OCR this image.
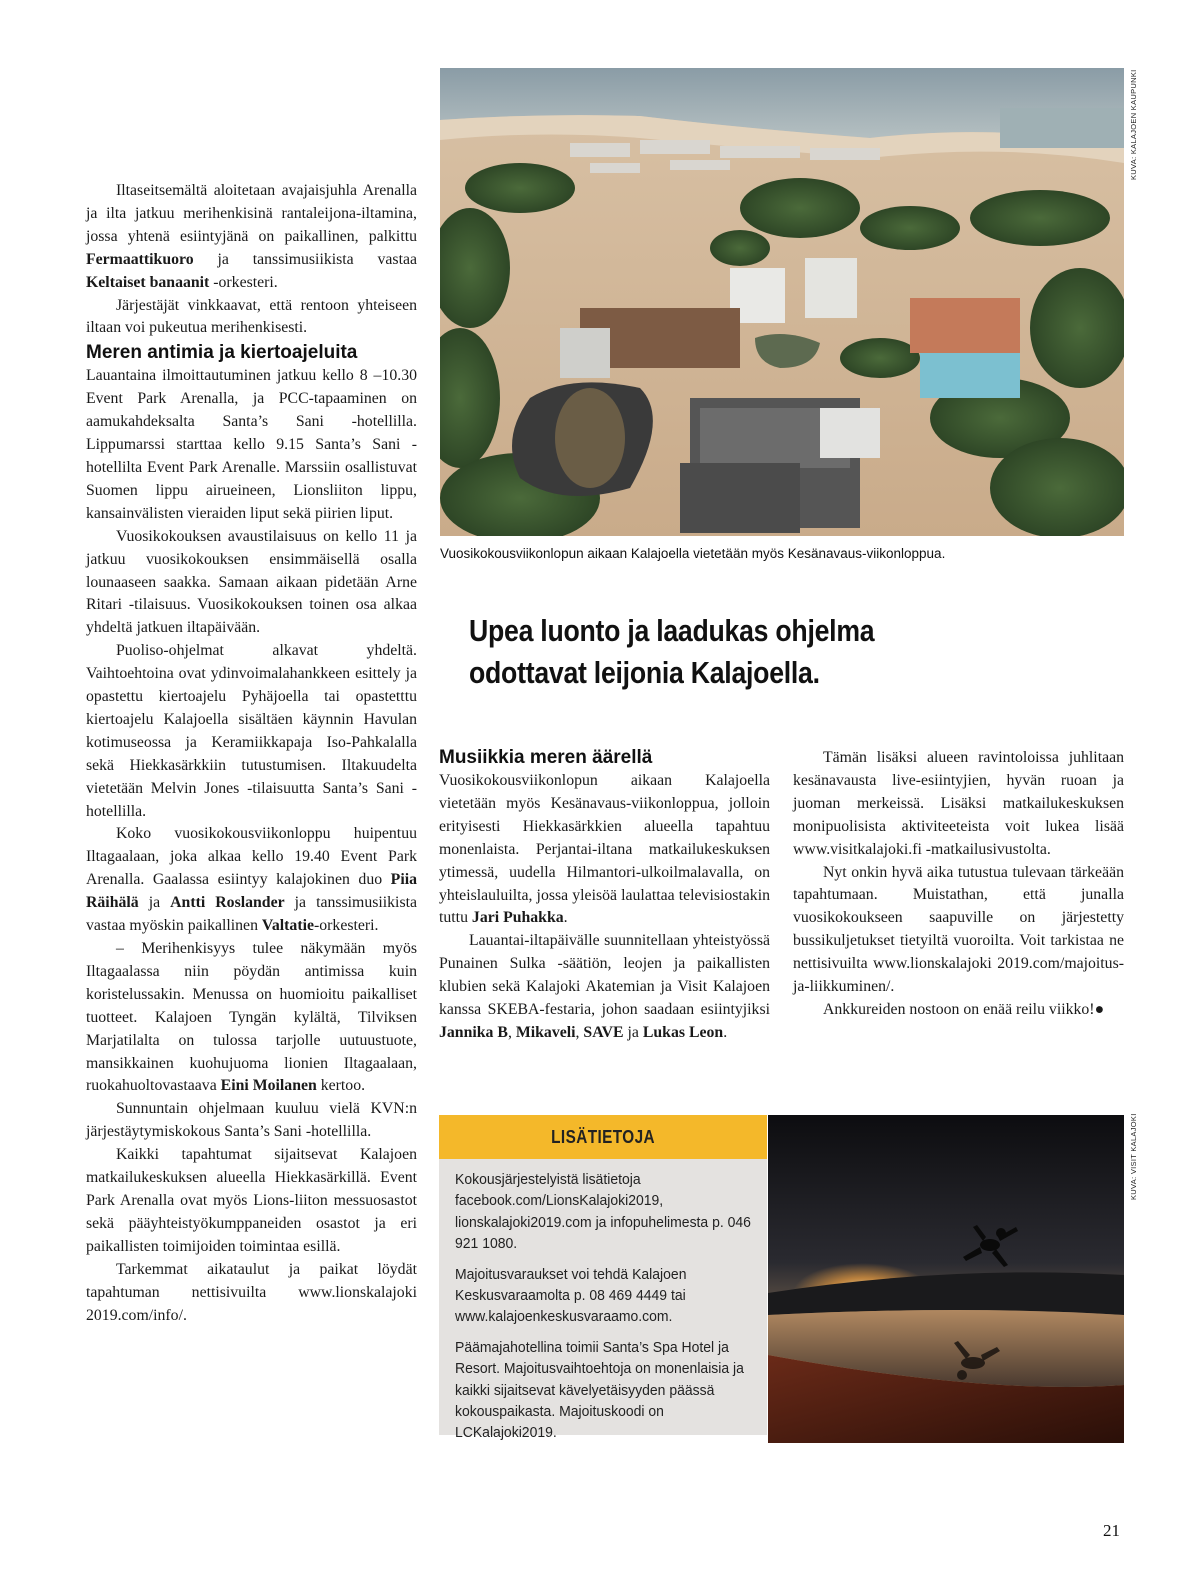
Iltaseitsemältä aloitetaan avajaisjuhla Arenalla ja ilta jatkuu merihenkisinä rantaleijona-iltamina, jossa yhtenä esiintyjänä on paikallinen, palkittu Fermaattikuoro ja tanssimusiikista vastaa Keltaiset banaanit -orkesteri.

Järjestäjät vinkkaavat, että rentoon yhteiseen iltaan voi pukeutua merihenkisesti.

Meren antimia ja kiertoajeluita

Lauantaina ilmoittautuminen jatkuu kello 8 –10.30 Event Park Arenalla, ja PCC-tapaaminen on aamukahdeksalta Santa’s Sani -hotellilla. Lippumarssi starttaa kello 9.15 Santa’s Sani -hotellilta Event Park Arenalle. Marssiin osallistuvat Suomen lippu airueineen, Lionsliiton lippu, kansainvälisten vieraiden liput sekä piirien liput.

Vuosikokouksen avaustilaisuus on kello 11 ja jatkuu vuosikokouksen ensimmäisellä osalla lounaaseen saakka. Samaan aikaan pidetään Arne Ritari -tilaisuus. Vuosikokouksen toinen osa alkaa yhdeltä jatkuen iltapäivään.

Puoliso-ohjelmat alkavat yhdeltä. Vaihtoehtoina ovat ydinvoimalahankkeen esittely ja opastettu kiertoajelu Pyhäjoella tai opastetttu kiertoajelu Kalajoella sisältäen käynnin Havulan kotimuseossa ja Keramiikkapaja Iso-Pahkalalla sekä Hiekkasärkkiin tutustumisen. Iltakuudelta vietetään Melvin Jones -tilaisuutta Santa’s Sani -hotellilla.

Koko vuosikokousviikonloppu huipentuu Iltagaalaan, joka alkaa kello 19.40 Event Park Arenalla. Gaalassa esiintyy kalajokinen duo Piia Räihälä ja Antti Roslander ja tanssimusiikista vastaa myöskin paikallinen Valtatie-orkesteri.

– Merihenkisyys tulee näkymään myös Iltagaalassa niin pöydän antimissa kuin koristelussakin. Menussa on huomioitu paikalliset tuotteet. Kalajoen Tyngän kylältä, Tilviksen Marjatilalta on tulossa tarjolle uutuustuote, mansikkainen kuohujuoma lionien Iltagaalaan, ruokahuoltovastaava Eini Moilanen kertoo.

Sunnuntain ohjelmaan kuuluu vielä KVN:n järjestäytymiskokous Santa’s Sani -hotellilla.

Kaikki tapahtumat sijaitsevat Kalajoen matkailukeskuksen alueella Hiekkasärkillä. Event Park Arenalla ovat myös Lions-liiton messuosastot sekä pääyhteistyökumppaneiden osastot ja eri paikallisten toimijoiden toimintaa esillä.

Tarkemmat aikataulut ja paikat löydät tapahtuman nettisivuilta www.lionskalajoki 2019.com/info/.

KUVA: KALAJOEN KAUPUNKI

Vuosikokousviikonlopun aikaan Kalajoella vietetään myös Kesänavaus-viikonloppua.

Upea luonto ja laadukas ohjelma
odottavat leijonia Kalajoella.
Musiikkia meren äärellä

Vuosikokousviikonlopun aikaan Kalajoella vietetään myös Kesänavaus-viikonloppua, jolloin erityisesti Hiekkasärkkien alueella tapahtuu monenlaista. Perjantai-iltana matkailukeskuksen ytimessä, uudella Hilmantori-ulkoilmalavalla, on yhteislauluilta, jossa yleisöä laulattaa televisiostakin tuttu Jari Puhakka.

Lauantai-iltapäivälle suunnitellaan yhteistyössä Punainen Sulka -säätiön, leojen ja paikallisten klubien sekä Kalajoki Akatemian ja Visit Kalajoen kanssa SKEBA-festaria, johon saadaan esiintyjiksi Jannika B, Mikaveli, SAVE ja Lukas Leon.

Tämän lisäksi alueen ravintoloissa juhlitaan kesänavausta live-esiintyjien, hyvän ruoan ja juoman merkeissä. Lisäksi matkailukeskuksen monipuolisista aktiviteeteista voit lukea lisää www.visitkalajoki.fi -matkailusivustolta.

Nyt onkin hyvä aika tutustua tulevaan tärkeään tapahtumaan. Muistathan, että junalla vuosikokoukseen saapuville on järjestetty bussikuljetukset tietyiltä vuoroilta. Voit tarkistaa ne nettisivuilta www.lionskalajoki 2019.com/majoitus-ja-liikkuminen/.

Ankkureiden nostoon on enää reilu viikko!●

LISÄTIETOJA

Kokousjärjestelyistä lisätietoja facebook.com/LionsKalajoki2019, lionskalajoki2019.com ja infopuhelimesta p. 046 921 1080.

Majoitusvaraukset voi tehdä Kalajoen Keskusvaraamolta p. 08 469 4449 tai www.kalajoenkeskusvaraamo.com.

Päämajahotellina toimii Santa’s Spa Hotel ja Resort. Majoitusvaihtoehtoja on monenlaisia ja kaikki sijaitsevat kävelyetäisyyden päässä kokouspaikasta. Majoituskoodi on LCKalajoki2019.

KUVA: VISIT KALAJOKI
21
